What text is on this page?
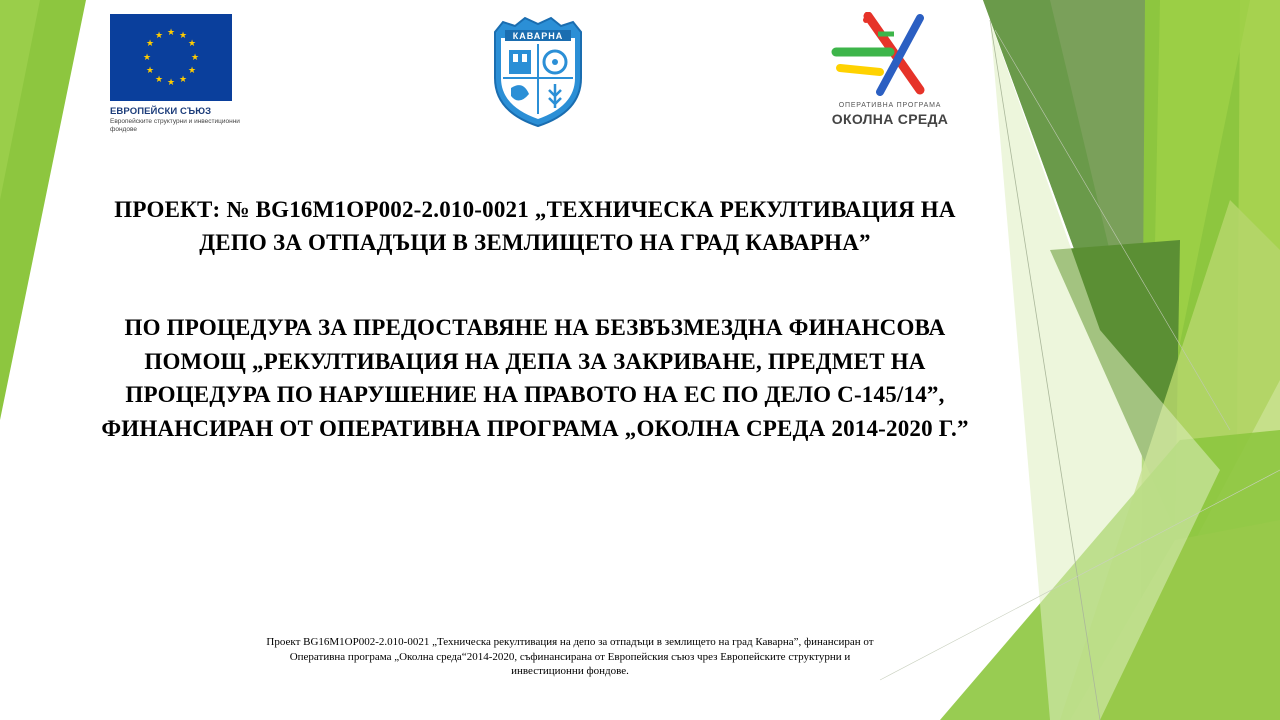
★ ★
★
★
★
★
★
★
★
★
★
★
ЕВРОПЕЙСКИ СЪЮЗ
Европейските структурни и инвестиционни фондове
КАВАРНА
ОПЕРАТИВНА ПРОГРАМА
ОКОЛНА СРЕДА

ПРОЕКТ: № BG16M1OP002-2.010-0021 „ТЕХНИЧЕСКА РЕКУЛТИВАЦИЯ НА ДЕПО ЗА ОТПАДЪЦИ В ЗЕМЛИЩЕТО НА ГРАД КАВАРНА”

ПО ПРОЦЕДУРА ЗА ПРЕДОСТАВЯНЕ НА БЕЗВЪЗМЕЗДНА ФИНАНСОВА ПОМОЩ „РЕКУЛТИВАЦИЯ НА ДЕПА ЗА ЗАКРИВАНЕ, ПРЕДМЕТ НА ПРОЦЕДУРА ПО НАРУШЕНИЕ НА ПРАВОТО НА ЕС ПО ДЕЛО С-145/14”, ФИНАНСИРАН ОТ ОПЕРАТИВНА ПРОГРАМА „ОКОЛНА СРЕДА 2014-2020 Г.”

Проект BG16M1OP002-2.010-0021 „Техническа рекултивация на депо за отпадъци в землището на град Каварна”, финансиран от Оперативна програма „Околна среда“2014-2020, съфинансирана от Европейския съюз чрез Европейските структурни и инвестиционни фондове.
